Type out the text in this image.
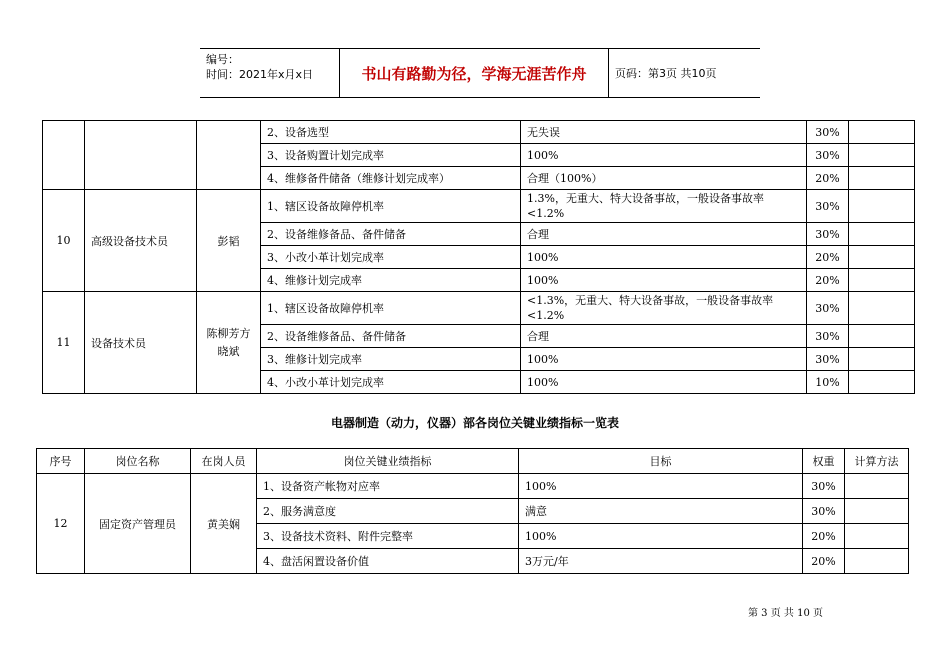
编号：
时间：2021年x月x日	书山有路勤为径，学海无涯苦作舟	页码：第3页 共10页
			2、设备选型	无失误	30%	
			3、设备购置计划完成率	100%	30%	
			4、维修备件储备（维修计划完成率）	合理（100%）	20%	
10	高级设备技术员	彭韬	1、辖区设备故障停机率	1.3%，无重大、特大设备事故，一般设备事故率<1.2%	30%	
			2、设备维修备品、备件储备	合理	30%	
			3、小改小革计划完成率	100%	20%	
			4、维修计划完成率	100%	20%	
11	设备技术员	陈柳芳方晓斌	1、辖区设备故障停机率	<1.3%，无重大、特大设备事故，一般设备事故率<1.2%	30%	
			2、设备维修备品、备件储备	合理	30%	
			3、维修计划完成率	100%	30%	
			4、小改小革计划完成率	100%	10%	
电器制造（动力，仪器）部各岗位关键业绩指标一览表
序号	岗位名称	在岗人员	岗位关键业绩指标	目标	权重	计算方法
12	固定资产管理员	黄美娴	1、设备资产帐物对应率	100%	30%	
			2、服务满意度	满意	30%	
			3、设备技术资料、附件完整率	100%	20%	
			4、盘活闲置设备价值	3万元/年	20%	
第 3 页 共 10 页
